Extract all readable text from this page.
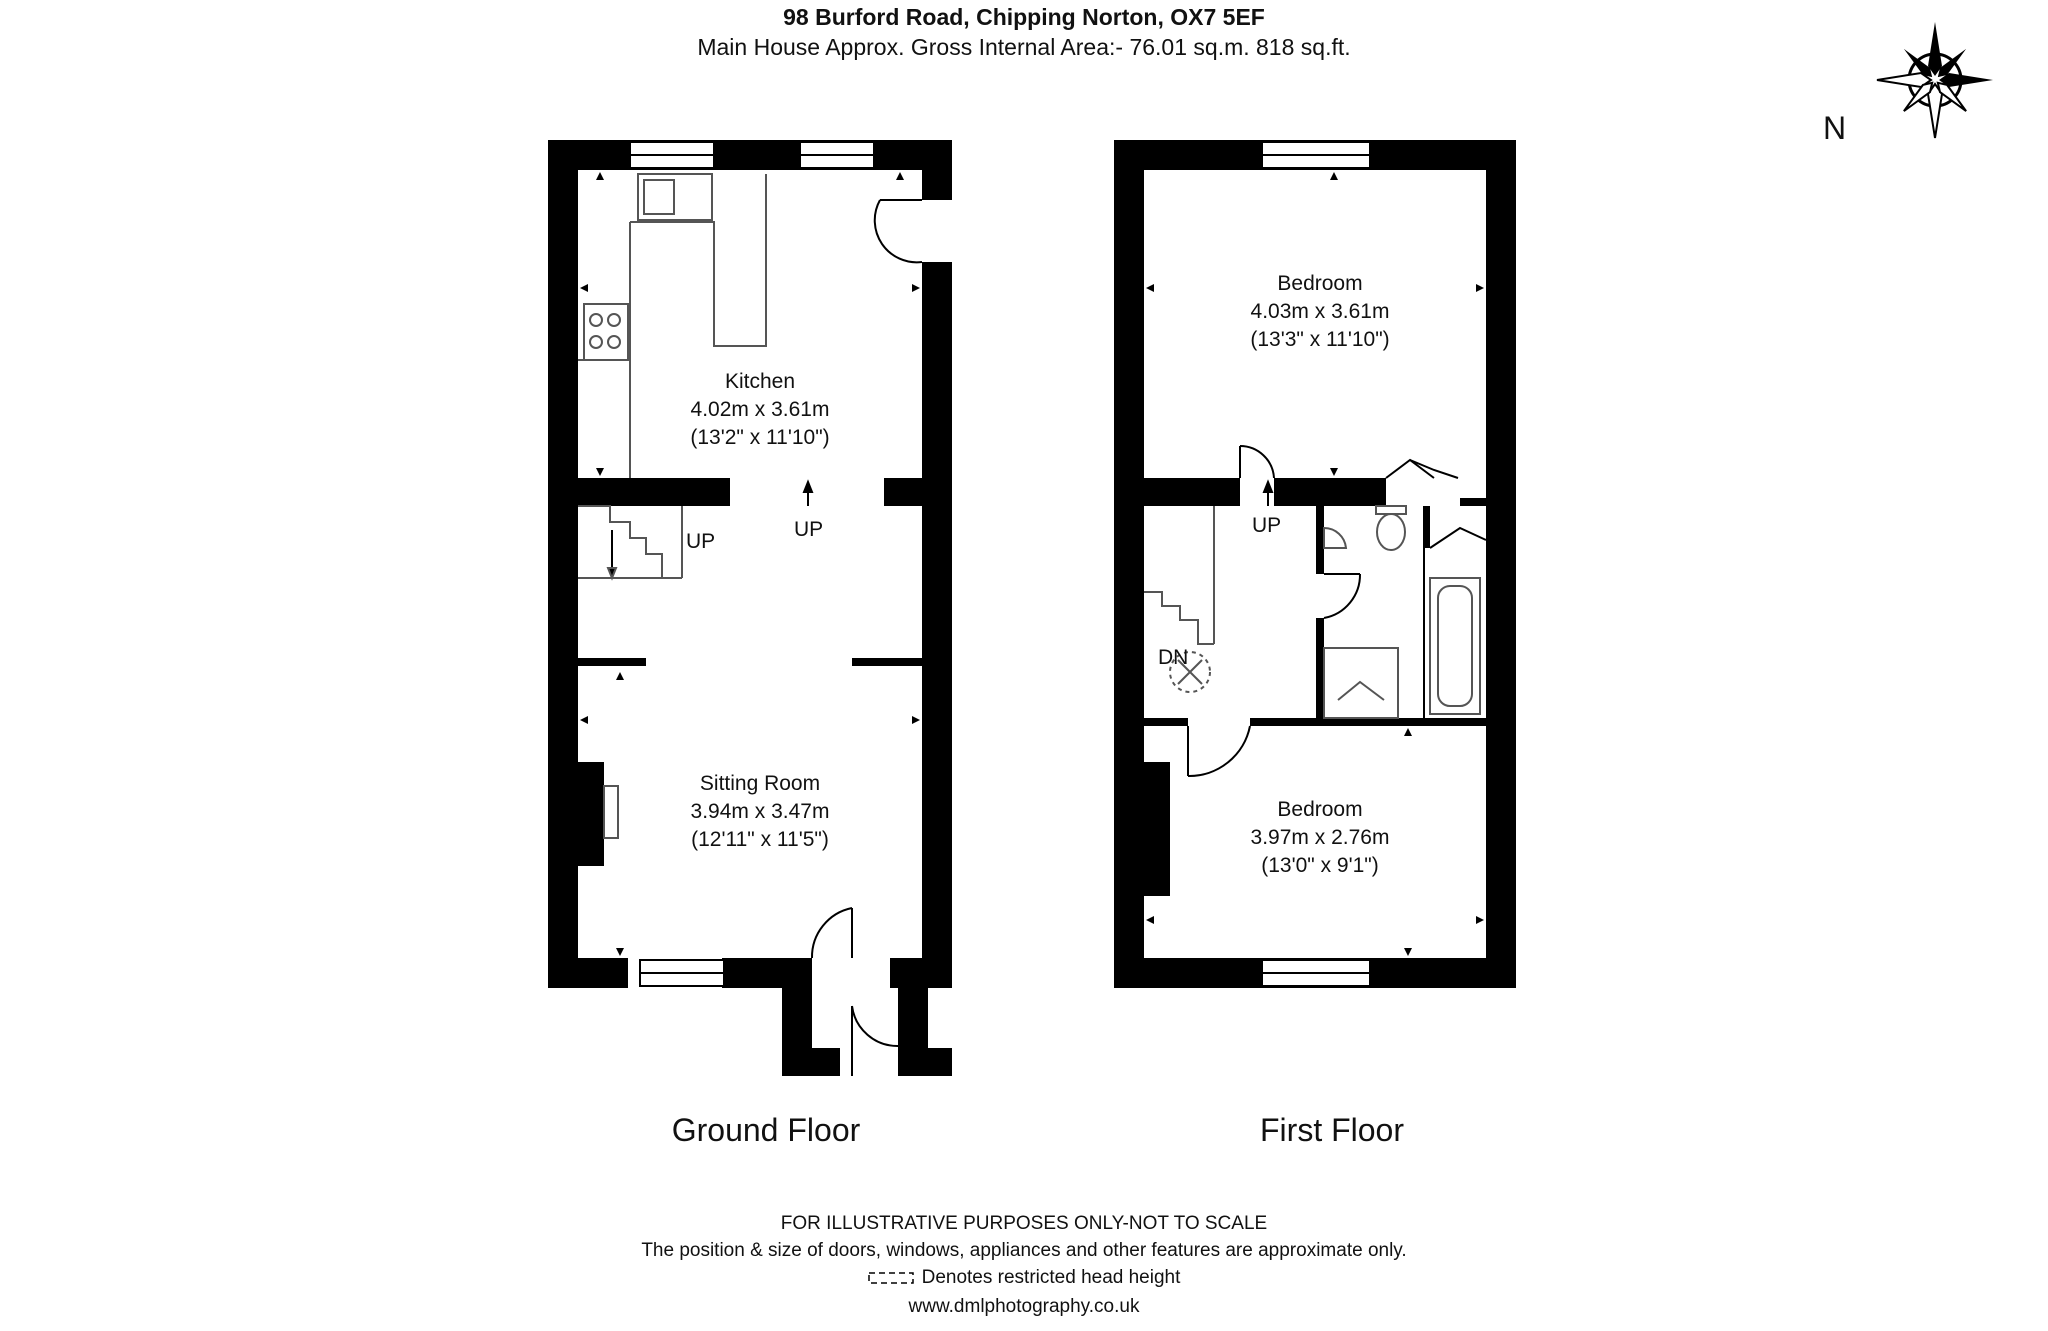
98 Burford Road, Chipping Norton, OX7 5EF
Main House Approx. Gross Internal Area:- 76.01 sq.m. 818 sq.ft.
N
Kitchen
4.02m x 3.61m
(13'2" x 11'10")
Sitting Room
3.94m x 3.47m
(12'11" x 11'5")
Bedroom
4.03m x 3.61m
(13'3" x 11'10")
Bedroom
3.97m x 2.76m
(13'0" x 9'1")
UP
UP	UP
DN
Ground Floor	First Floor
FOR ILLUSTRATIVE PURPOSES ONLY-NOT TO SCALE
The position & size of doors, windows, appliances and other features are approximate only.
Denotes restricted head height
www.dmlphotography.co.uk
